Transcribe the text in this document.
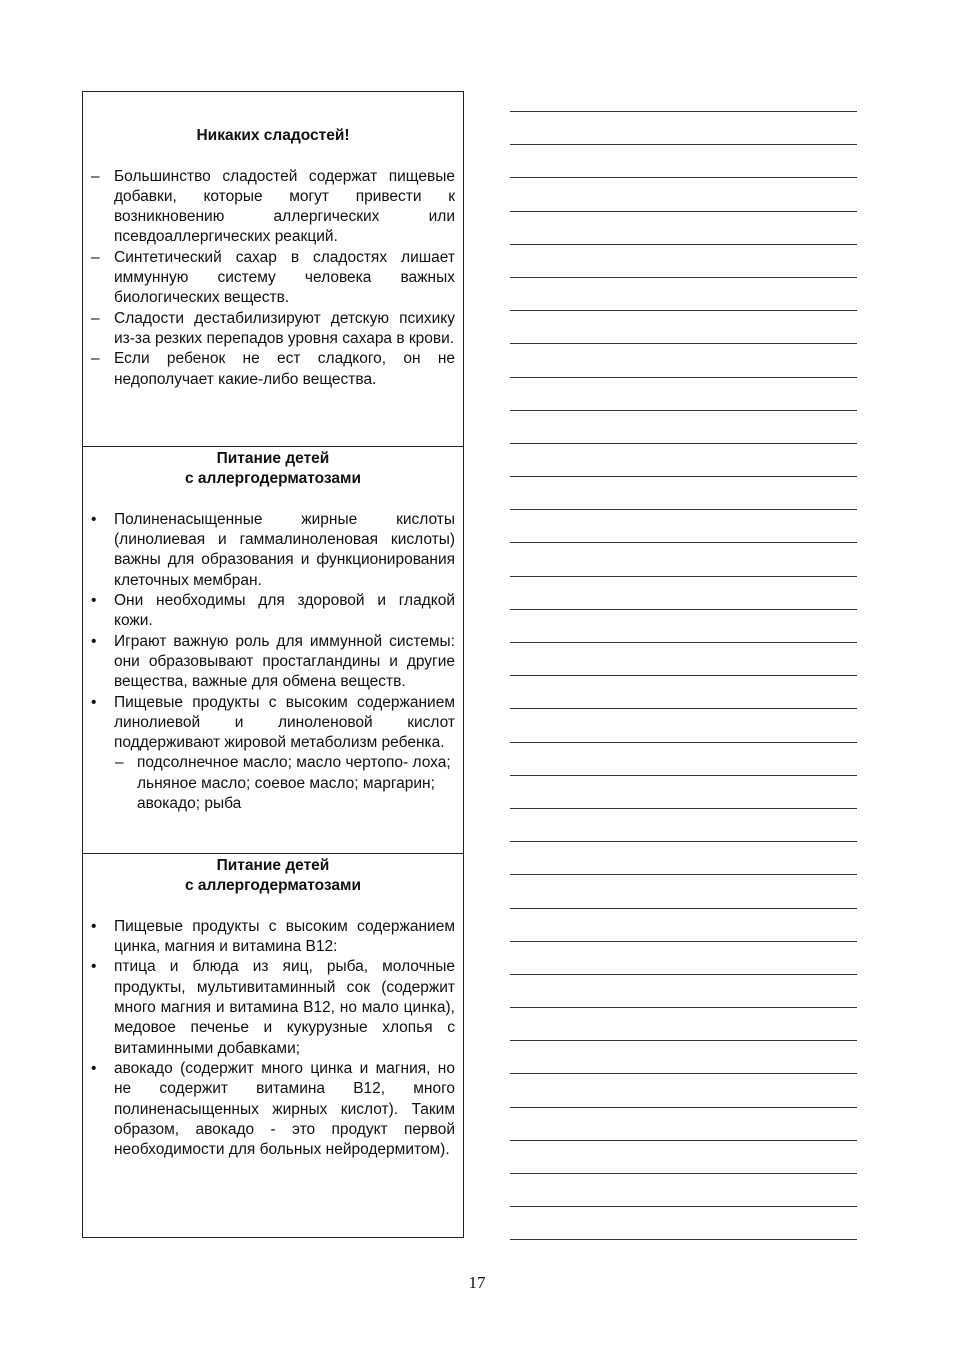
Никаких сладостей!
– Большинство сладостей содержат пищевые добавки, которые могут привести к возникновению аллергических или псевдоаллергических реакций.
– Синтетический сахар в сладостях лишает иммунную систему человека важных биологических веществ.
– Сладости дестабилизируют детскую психику из-за резких перепадов уровня сахара в крови.
– Если ребенок не ест сладкого, он не недополучает какие-либо вещества.
Питание детей
с аллергодерматозами
•	Полиненасыщенные жирные кислоты (линолиевая и гаммалиноленовая кислоты) важны для образования и функционирования клеточных мембран.
•	Они необходимы для здоровой и гладкой кожи.
•	Играют важную роль для иммунной системы: они образовывают простагландины и другие вещества, важные для обмена веществ.
•	Пищевые продукты с высоким содержанием линолиевой и линоленовой кислот поддерживают жировой метаболизм ребенка.
– подсолнечное масло; масло чертопо- лоха; льняное масло; соевое масло; маргарин; авокадо; рыба
Питание детей
с аллергодерматозами
•	Пищевые продукты с высоким содержанием цинка, магния и витамина B12:
•	птица и блюда из яиц, рыба, молочные продукты, мультивитаминный сок (содержит много магния и витамина B12, но мало цинка), медовое печенье и кукурузные хлопья с витаминными добавками;
•	авокадо (содержит много цинка и магния, но не содержит витамина B12, много полиненасыщенных жирных кислот). Таким образом, авокадо - это продукт первой необходимости для больных нейродермитом).
17
